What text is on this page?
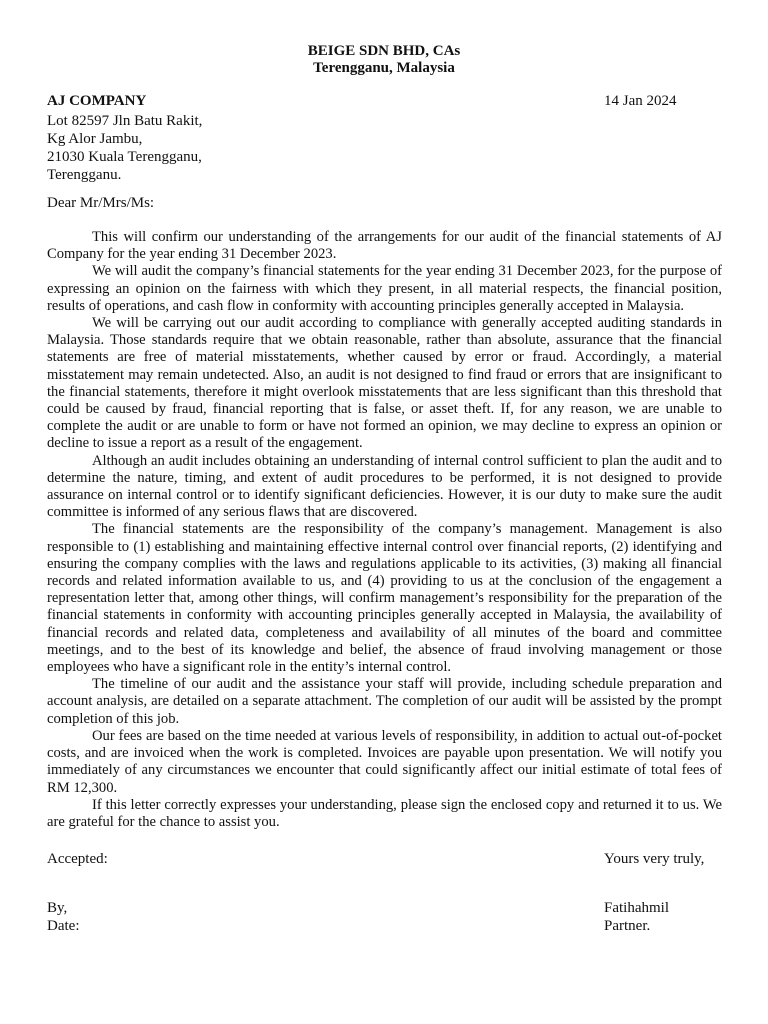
BEIGE SDN BHD, CAs
Terengganu, Malaysia
AJ COMPANY	14 Jan 2024
Lot 82597 Jln Batu Rakit,
Kg Alor Jambu,
21030 Kuala Terengganu,
Terengganu.
Dear Mr/Mrs/Ms:

This will confirm our understanding of the arrangements for our audit of the financial statements of AJ Company for the year ending 31 December 2023.

We will audit the company’s financial statements for the year ending 31 December 2023, for the purpose of expressing an opinion on the fairness with which they present, in all material respects, the financial position, results of operations, and cash flow in conformity with accounting principles generally accepted in Malaysia.

We will be carrying out our audit according to compliance with generally accepted auditing standards in Malaysia. Those standards require that we obtain reasonable, rather than absolute, assurance that the financial statements are free of material misstatements, whether caused by error or fraud. Accordingly, a material misstatement may remain undetected. Also, an audit is not designed to find fraud or errors that are insignificant to the financial statements, therefore it might overlook misstatements that are less significant than this threshold that could be caused by fraud, financial reporting that is false, or asset theft. If, for any reason, we are unable to complete the audit or are unable to form or have not formed an opinion, we may decline to express an opinion or decline to issue a report as a result of the engagement.

Although an audit includes obtaining an understanding of internal control sufficient to plan the audit and to determine the nature, timing, and extent of audit procedures to be performed, it is not designed to provide assurance on internal control or to identify significant deficiencies. However, it is our duty to make sure the audit committee is informed of any serious flaws that are discovered.

The financial statements are the responsibility of the company’s management. Management is also responsible to (1) establishing and maintaining effective internal control over financial reports, (2) identifying and ensuring the company complies with the laws and regulations applicable to its activities, (3) making all financial records and related information available to us, and (4) providing to us at the conclusion of the engagement a representation letter that, among other things, will confirm management’s responsibility for the preparation of the financial statements in conformity with accounting principles generally accepted in Malaysia, the availability of financial records and related data, completeness and availability of all minutes of the board and committee meetings, and to the best of its knowledge and belief, the absence of fraud involving management or those employees who have a significant role in the entity’s internal control.

The timeline of our audit and the assistance your staff will provide, including schedule preparation and account analysis, are detailed on a separate attachment. The completion of our audit will be assisted by the prompt completion of this job.

Our fees are based on the time needed at various levels of responsibility, in addition to actual out-of-pocket costs, and are invoiced when the work is completed. Invoices are payable upon presentation. We will notify you immediately of any circumstances we encounter that could significantly affect our initial estimate of total fees of RM 12,300.

If this letter correctly expresses your understanding, please sign the enclosed copy and returned it to us. We are grateful for the chance to assist you.

Accepted:	Yours very truly,
By,
Date:
Fatihahmil
Partner.
